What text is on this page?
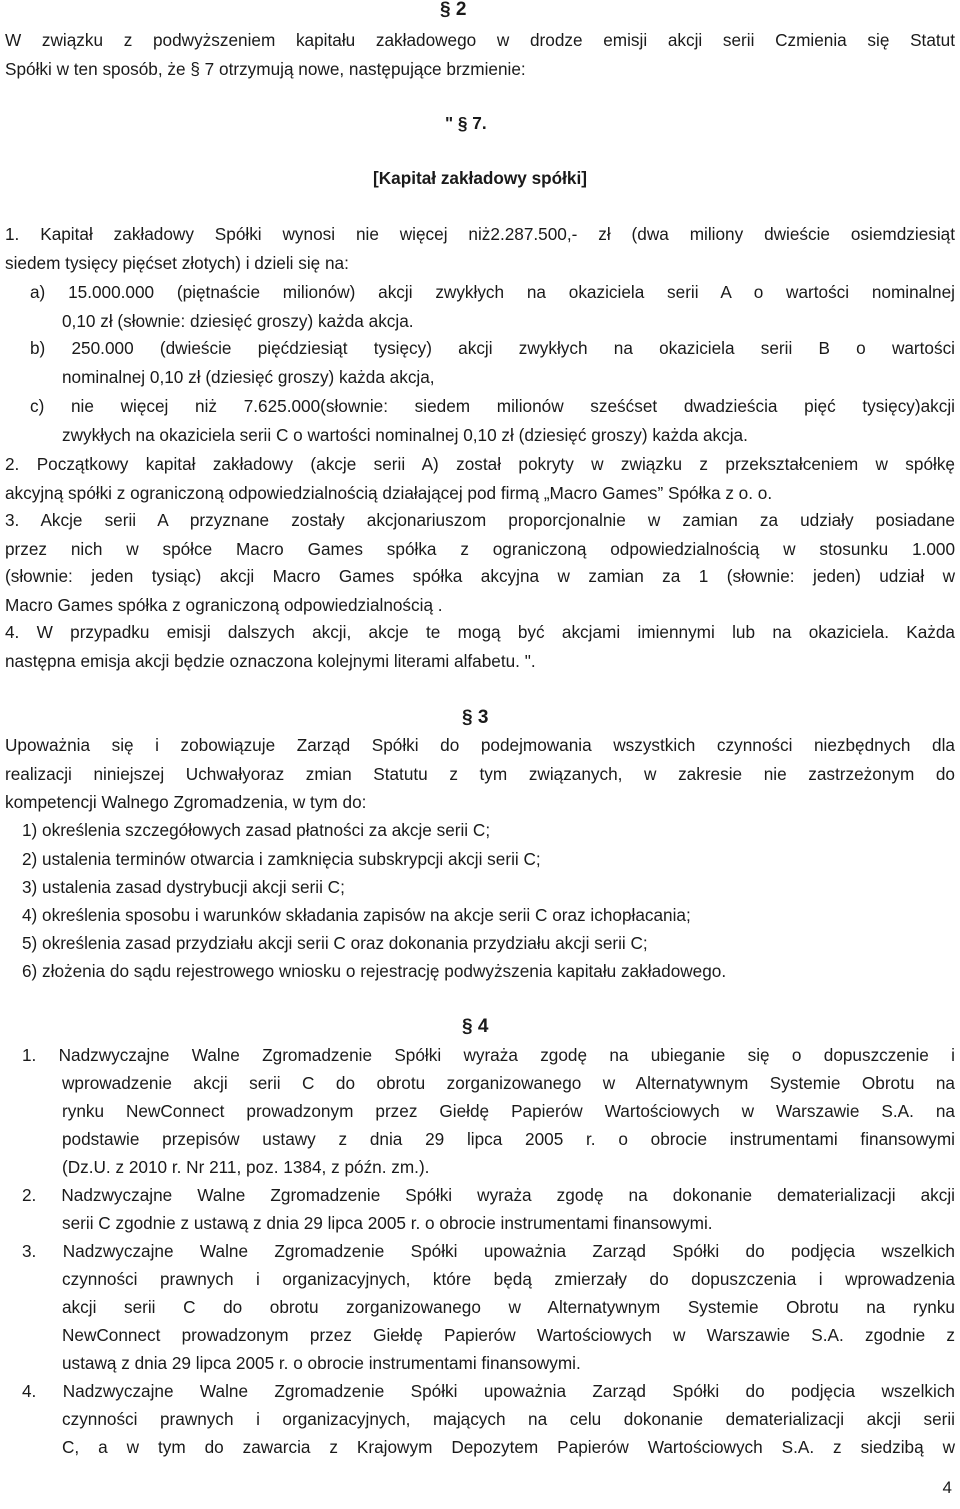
§ 2
W związku z podwyższeniem kapitału zakładowego w drodze emisji akcji serii Czmienia się Statut
Spółki w ten sposób, że § 7 otrzymują nowe, następujące brzmienie:
" § 7.
[Kapitał zakładowy spółki]
1. Kapitał zakładowy Spółki wynosi nie więcej niż2.287.500,- zł (dwa miliony dwieście osiemdziesiąt
siedem tysięcy pięćset złotych) i dzieli się na:
a) 15.000.000 (piętnaście milionów) akcji zwykłych na okaziciela serii A o wartości nominalnej
0,10 zł (słownie: dziesięć groszy) każda akcja.
b) 250.000 (dwieście pięćdziesiąt tysięcy) akcji zwykłych na okaziciela serii B o wartości
nominalnej 0,10 zł (dziesięć groszy) każda akcja,
c) nie więcej niż 7.625.000(słownie: siedem milionów sześćset dwadzieścia pięć tysięcy)akcji
zwykłych na okaziciela serii C o wartości nominalnej 0,10 zł (dziesięć groszy) każda akcja.
2. Początkowy kapitał zakładowy (akcje serii A) został pokryty w związku z przekształceniem w spółkę
akcyjną spółki z ograniczoną odpowiedzialnością działającej pod firmą „Macro Games” Spółka z o. o.
3. Akcje serii A przyznane zostały akcjonariuszom proporcjonalnie w zamian za udziały posiadane
przez nich w spółce Macro Games spółka z ograniczoną odpowiedzialnością w stosunku 1.000
(słownie: jeden tysiąc) akcji Macro Games spółka akcyjna w zamian za 1 (słownie: jeden) udział w
Macro Games spółka z ograniczoną odpowiedzialnością .
4. W przypadku emisji dalszych akcji, akcje te mogą być akcjami imiennymi lub na okaziciela. Każda
następna emisja akcji będzie oznaczona kolejnymi literami alfabetu. ".
§ 3
Upoważnia się i zobowiązuje Zarząd Spółki do podejmowania wszystkich czynności niezbędnych dla
realizacji niniejszej Uchwałyoraz zmian Statutu z tym związanych, w zakresie nie zastrzeżonym do
kompetencji Walnego Zgromadzenia, w tym do:
1) określenia szczegółowych zasad płatności za akcje serii C;
2) ustalenia terminów otwarcia i zamknięcia subskrypcji akcji serii C;
3) ustalenia zasad dystrybucji akcji serii C;
4) określenia sposobu i warunków składania zapisów na akcje serii C oraz ichopłacania;
5) określenia zasad przydziału akcji serii C oraz dokonania przydziału akcji serii C;
6) złożenia do sądu rejestrowego wniosku o rejestrację podwyższenia kapitału zakładowego.
§ 4
1. Nadzwyczajne Walne Zgromadzenie Spółki wyraża zgodę na ubieganie się o dopuszczenie i
wprowadzenie akcji serii C do obrotu zorganizowanego w Alternatywnym Systemie Obrotu na
rynku NewConnect prowadzonym przez Giełdę Papierów Wartościowych w Warszawie S.A. na
podstawie przepisów ustawy z dnia 29 lipca 2005 r. o obrocie instrumentami finansowymi
(Dz.U. z 2010 r. Nr 211, poz. 1384, z późn. zm.).
2. Nadzwyczajne Walne Zgromadzenie Spółki wyraża zgodę na dokonanie dematerializacji akcji
serii C zgodnie z ustawą z dnia 29 lipca 2005 r. o obrocie instrumentami finansowymi.
3. Nadzwyczajne Walne Zgromadzenie Spółki upoważnia Zarząd Spółki do podjęcia wszelkich
czynności prawnych i organizacyjnych, które będą zmierzały do dopuszczenia i wprowadzenia
akcji serii C do obrotu zorganizowanego w Alternatywnym Systemie Obrotu na rynku
NewConnect prowadzonym przez Giełdę Papierów Wartościowych w Warszawie S.A. zgodnie z
ustawą z dnia 29 lipca 2005 r. o obrocie instrumentami finansowymi.
4. Nadzwyczajne Walne Zgromadzenie Spółki upoważnia Zarząd Spółki do podjęcia wszelkich
czynności prawnych i organizacyjnych, mających na celu dokonanie dematerializacji akcji serii
C, a w tym do zawarcia z Krajowym Depozytem Papierów Wartościowych S.A. z siedzibą w
4
